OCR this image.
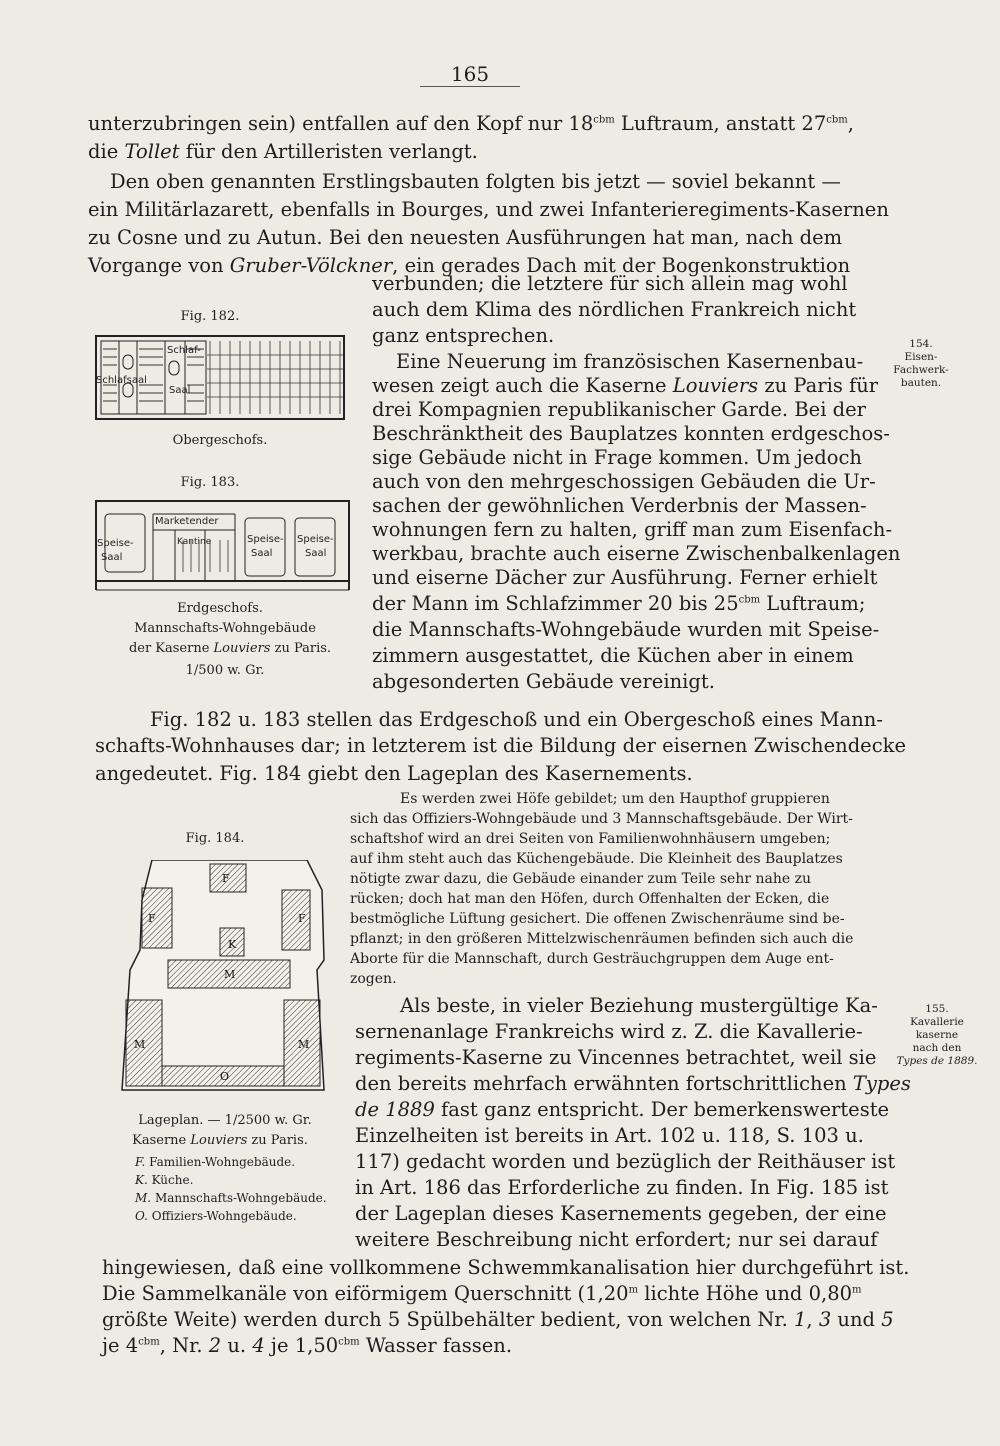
165
unterzubringen sein) entfallen auf den Kopf nur $18^{cbm}$ Luftraum, anstatt $27^{cbm}$,
die Tollet für den Artilleristen verlangt.
Den oben genannten Erstlingsbauten folgten bis jetzt — soviel bekannt —
ein Militärlazarett, ebenfalls in Bourges, und zwei Infanterieregiments-Kasernen
zu Cosne und zu Autun. Bei den neuesten Ausführungen hat man, nach dem
Vorgange von Gruber-Völckner, ein gerades Dach mit der Bogenkonstruktion
verbunden; die letztere für sich allein mag wohl
auch dem Klima des nördlichen Frankreich nicht
ganz entsprechen.
Eine Neuerung im französischen Kasernenbau-
wesen zeigt auch die Kaserne Louviers zu Paris für
drei Kompagnien republikanischer Garde. Bei der
Beschränktheit des Bauplatzes konnten erdgeschos-
sige Gebäude nicht in Frage kommen. Um jedoch
auch von den mehrgeschossigen Gebäuden die Ur-
sachen der gewöhnlichen Verderbnis der Massen-
wohnungen fern zu halten, griff man zum Eisenfach-
werkbau, brachte auch eiserne Zwischenbalkenlagen
und eiserne Dächer zur Ausführung. Ferner erhielt
der Mann im Schlafzimmer 20 bis $25^{cbm}$ Luftraum;
die Mannschafts-Wohngebäude wurden mit Speise-
zimmern ausgestattet, die Küchen aber in einem
abgesonderten Gebäude vereinigt.
Fig. 182 u. 183 stellen das Erdgeschoß und ein Obergeschoß eines Mann-
schafts-Wohnhauses dar; in letzterem ist die Bildung der eisernen Zwischendecke
angedeutet. Fig. 184 giebt den Lageplan des Kasernements.
Es werden zwei Höfe gebildet; um den Haupthof gruppieren
sich das Offiziers-Wohngebäude und 3 Mannschaftsgebäude. Der Wirt-
schaftshof wird an drei Seiten von Familienwohnhäusern umgeben;
auf ihm steht auch das Küchengebäude. Die Kleinheit des Bauplatzes
nötigte zwar dazu, die Gebäude einander zum Teile sehr nahe zu
rücken; doch hat man den Höfen, durch Offenhalten der Ecken, die
bestmögliche Lüftung gesichert. Die offenen Zwischenräume sind be-
pflanzt; in den größeren Mittelzwischenräumen befinden sich auch die
Aborte für die Mannschaft, durch Gesträuchgruppen dem Auge ent-
zogen.
Als beste, in vieler Beziehung mustergültige Ka-
sernenanlage Frankreichs wird z. Z. die Kavallerie-
regiments-Kaserne zu Vincennes betrachtet, weil sie
den bereits mehrfach erwähnten fortschrittlichen Types
de 1889 fast ganz entspricht. Der bemerkenswerteste
Einzelheiten ist bereits in Art. 102 u. 118, S. 103 u.
117) gedacht worden und bezüglich der Reithäuser ist
in Art. 186 das Erforderliche zu finden. In Fig. 185 ist
der Lageplan dieses Kasernements gegeben, der eine
weitere Beschreibung nicht erfordert; nur sei darauf
hingewiesen, daß eine vollkommene Schwemmkanalisation hier durchgeführt ist.
Die Sammelkanäle von eiförmigem Querschnitt (1,20$^m$ lichte Höhe und 0,80$^m$
größte Weite) werden durch 5 Spülbehälter bedient, von welchen Nr. 1, 3 und 5
je $4^{cbm}$, Nr. 2 u. 4 je $1,50^{cbm}$ Wasser fassen.
154.
Eisen-
Fachwerk-
bauten.
155.
Kavallerie
kaserne
nach den
Types de 1889.
Fig. 182.
Schlaf-
Schlafsaal
Saal
Obergeschofs.
Fig. 183.
Marketender
Speise-
Saal
Kantine	Speise-
Saal
Speise-
Saal
Erdgeschofs.
Mannschafts-Wohngebäude
der Kaserne Louviers zu Paris.
1/500 w. Gr.
Fig. 184.
F
F	F
K
M
M	M
O
Lageplan. — 1/2500 w. Gr.
Kaserne Louviers zu Paris.
F. Familien-Wohngebäude.
K. Küche.
M. Mannschafts-Wohngebäude.
O. Offiziers-Wohngebäude.
